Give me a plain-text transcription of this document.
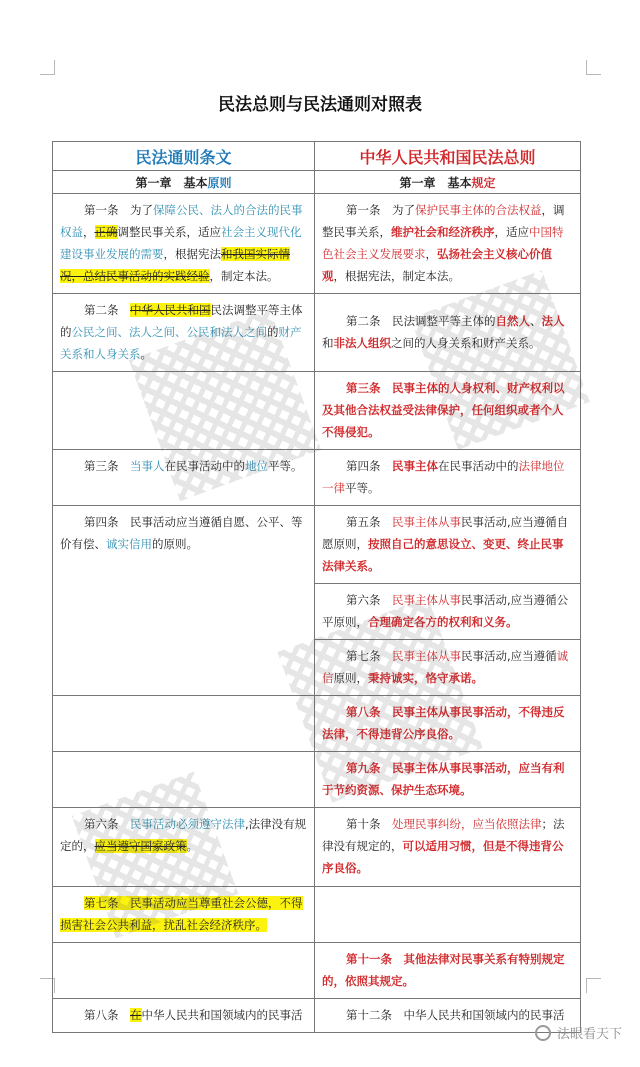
民法总则与民法通则对照表
民法通则条文	中华人民共和国民法总则
第一章　基本原则	第一章　基本规定

第一条　为了保障公民、法人的合法的民事权益，正确调整民事关系，适应社会主义现代化建设事业发展的需要，根据宪法和我国实际情况，总结民事活动的实践经验，制定本法。	第一条　为了保护民事主体的合法权益，调整民事关系，维护社会和经济秩序，适应中国特色社会主义发展要求，弘扬社会主义核心价值观，根据宪法，制定本法。

第二条　中华人民共和国民法调整平等主体的公民之间、法人之间、公民和法人之间的财产关系和人身关系。	第二条　民法调整平等主体的自然人、法人和非法人组织之间的人身关系和财产关系。

	第三条　民事主体的人身权利、财产权利以及其他合法权益受法律保护，任何组织或者个人不得侵犯。

第三条　当事人在民事活动中的地位平等。	第四条　民事主体在民事活动中的法律地位一律平等。

第四条　民事活动应当遵循自愿、公平、等价有偿、诚实信用的原则。	第五条　民事主体从事民事活动,应当遵循自愿原则，按照自己的意思设立、变更、终止民事法律关系。

	第六条　民事主体从事民事活动,应当遵循公平原则，合理确定各方的权利和义务。

	第七条　民事主体从事民事活动,应当遵循诚信原则，秉持诚实，恪守承诺。

	第八条　民事主体从事民事活动，不得违反法律，不得违背公序良俗。

	第九条　民事主体从事民事活动，应当有利于节约资源、保护生态环境。

第六条　民事活动必须遵守法律,法律没有规定的，应当遵守国家政策。	第十条　处理民事纠纷，应当依照法律；法律没有规定的，可以适用习惯，但是不得违背公序良俗。

第七条　民事活动应当尊重社会公德，不得损害社会公共利益，扰乱社会经济秩序。	

	第十一条　其他法律对民事关系有特别规定的，依照其规定。

第八条　在中华人民共和国领域内的民事活	第十二条　中华人民共和国领域内的民事活
法眼看天下
